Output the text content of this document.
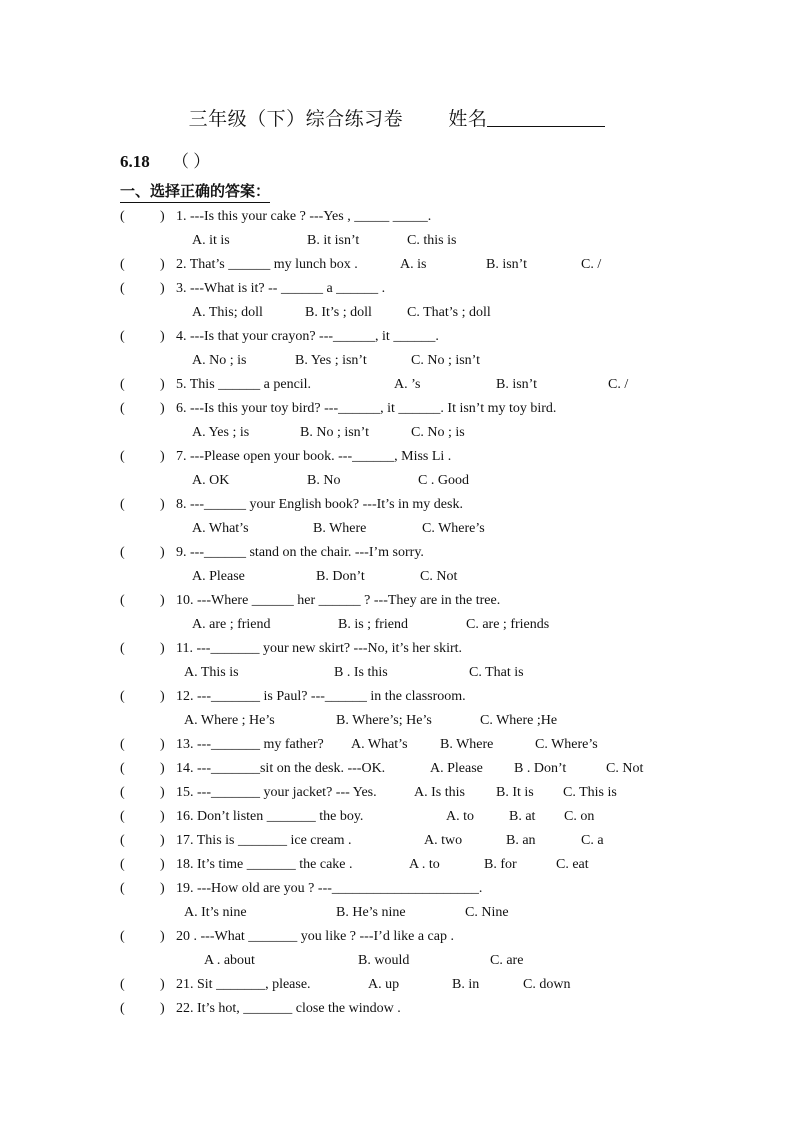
三年级（下）综合练习卷 姓名
6.18 （ ）
一、选择正确的答案：
(	) 1. ---Is this your cake ? ---Yes , _____ _____.
A. it is	B. it isn’t	C. this is
(	) 2. That’s ______ my lunch box .	A. is	B. isn’t	C. /
(	) 3. ---What is it? -- ______ a ______ .
A. This; doll	B. It’s ; doll	C. That’s ; doll
(	) 4. ---Is that your crayon? ---______, it ______.
A. No ; is	B. Yes ; isn’t	C. No ; isn’t
(	) 5. This ______ a pencil.	A. ’s	B. isn’t	C. /
(	) 6. ---Is this your toy bird? ---______, it ______. It isn’t my toy bird.
A. Yes ; is	B. No ; isn’t	C. No ; is
(	) 7. ---Please open your book. ---______, Miss Li .
A. OK	B. No	C . Good
(	) 8. ---______ your English book? ---It’s in my desk.
A. What’s	B. Where	C. Where’s
(	) 9. ---______ stand on the chair. ---I’m sorry.
A. Please	B. Don’t	C. Not
(	) 10. ---Where ______ her ______ ? ---They are in the tree.
A. are ; friend	B. is ; friend	C. are ; friends
(	) 11. ---_______ your new skirt? ---No, it’s her skirt.
A. This is	B . Is this	C. That is
(	) 12. ---_______ is Paul? ---______ in the classroom.
A. Where ; He’s	B. Where’s; He’s	C. Where ;He
(	) 13. ---_______ my father? A. What’s B. Where	C. Where’s
(	) 14. ---_______sit on the desk. ---OK.	A. Please B . Don’t	C. Not
(	) 15. ---_______ your jacket? --- Yes.	A. Is this B. It is C. This is
(	) 16. Don’t listen _______ the boy.	A. to	B. at C. on
(	) 17. This is _______ ice cream .	A. two	B. an	C. a
(	) 18. It’s time _______ the cake .	A . to	B. for	C. eat
(	) 19. ---How old are you ? ---_____________________.
A. It’s nine	B. He’s nine	C. Nine
(	) 20 . ---What _______ you like ? ---I’d like a cap .
A . about	B. would	C. are
(	) 21. Sit _______, please.	A. up	B. in	C. down
(	) 22. It’s hot, _______ close the window .
